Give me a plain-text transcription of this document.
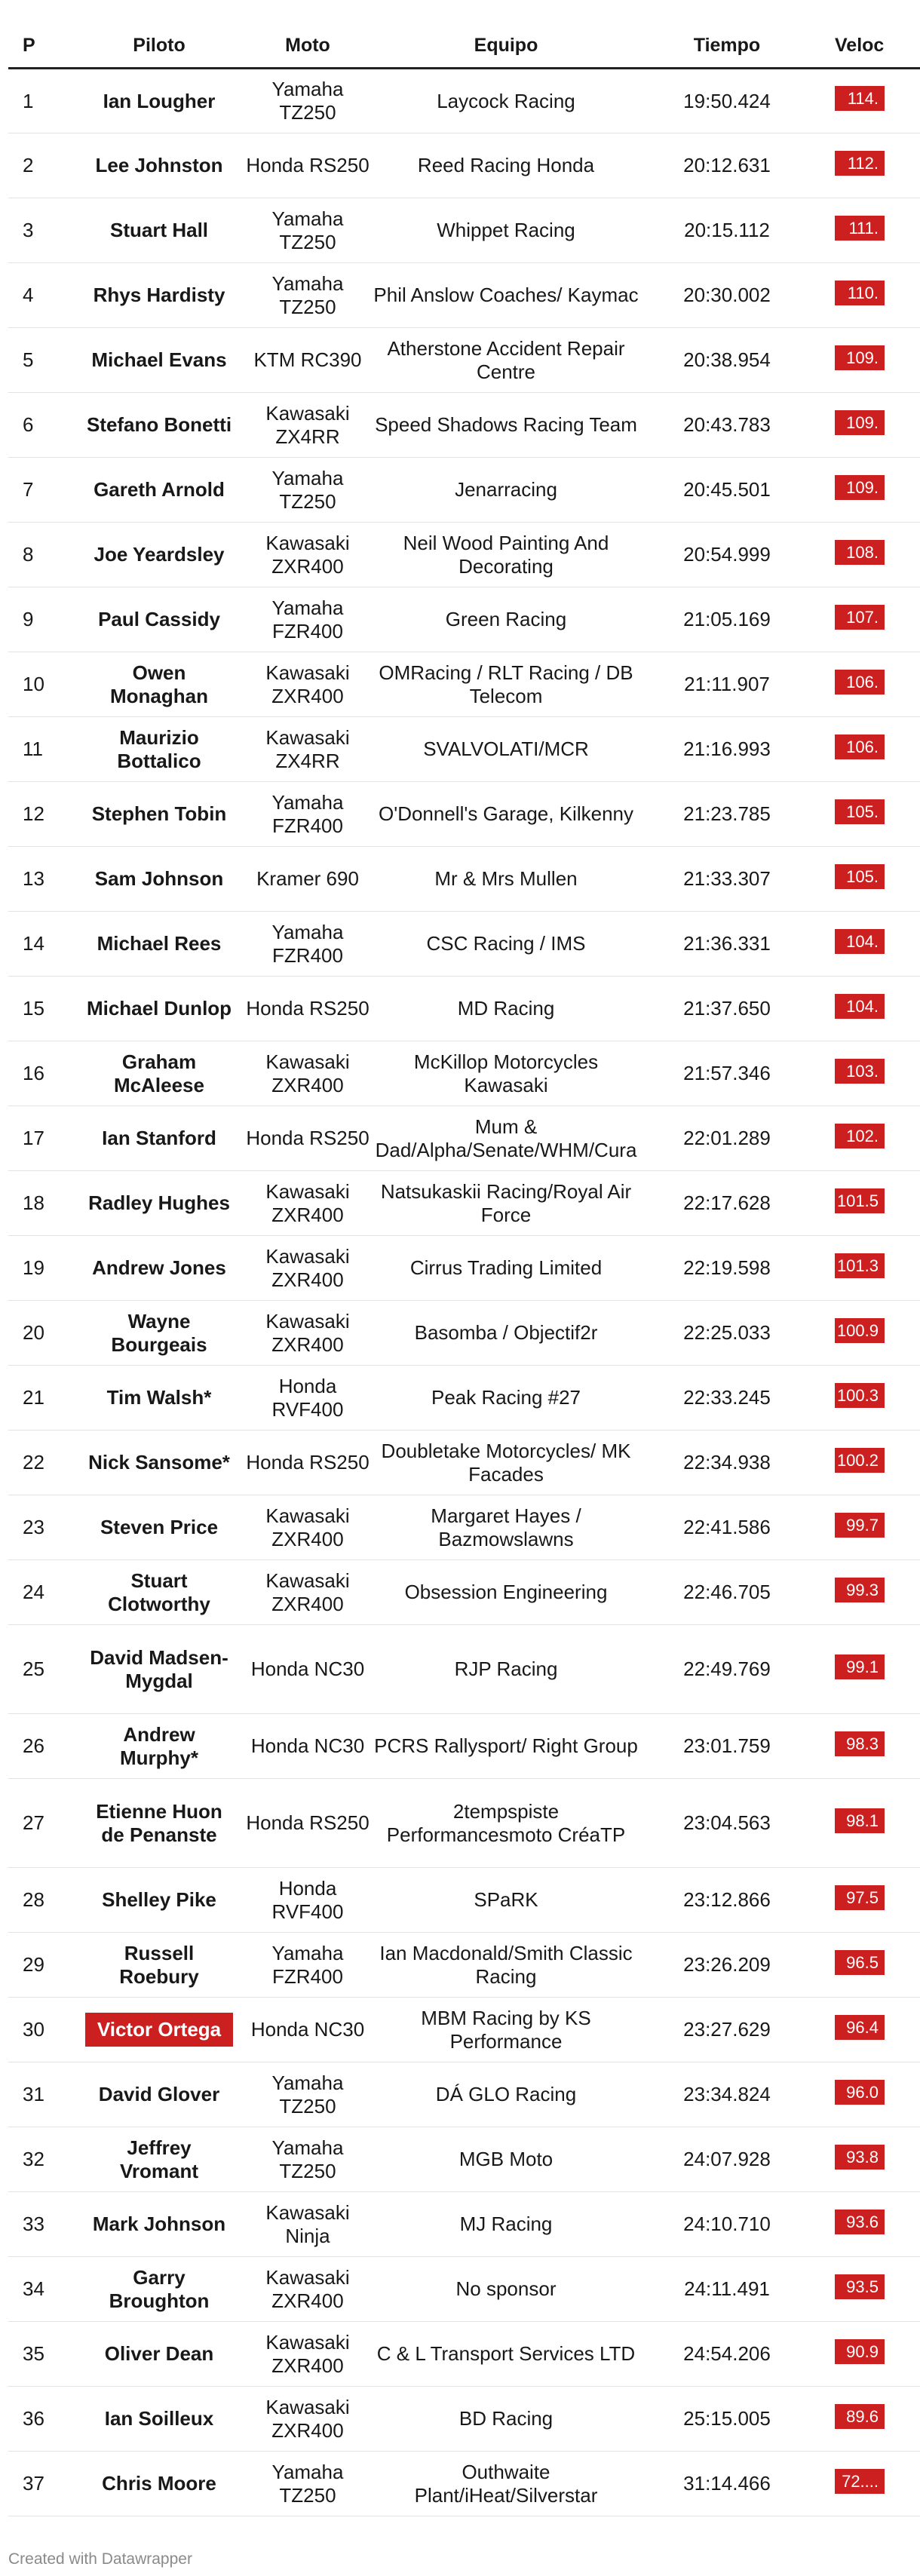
P	Piloto	Moto	Equipo	Tiempo	Veloc
1	Ian Lougher	Yamaha TZ250	Laycock Racing	19:50.424	114.
2	Lee Johnston	Honda RS250	Reed Racing Honda	20:12.631	112.
3	Stuart Hall	Yamaha TZ250	Whippet Racing	20:15.112	111.
4	Rhys Hardisty	Yamaha TZ250	Phil Anslow Coaches/ Kaymac	20:30.002	110.
5	Michael Evans	KTM RC390	Atherstone Accident Repair Centre	20:38.954	109.
6	Stefano Bonetti	Kawasaki ZX4RR	Speed Shadows Racing Team	20:43.783	109.
7	Gareth Arnold	Yamaha TZ250	Jenarracing	20:45.501	109.
8	Joe Yeardsley	Kawasaki ZXR400	Neil Wood Painting And Decorating	20:54.999	108.
9	Paul Cassidy	Yamaha FZR400	Green Racing	21:05.169	107.
10	Owen Monaghan	Kawasaki ZXR400	OMRacing / RLT Racing / DB Telecom	21:11.907	106.
11	Maurizio Bottalico	Kawasaki ZX4RR	SVALVOLATI/MCR	21:16.993	106.
12	Stephen Tobin	Yamaha FZR400	O'Donnell's Garage, Kilkenny	21:23.785	105.
13	Sam Johnson	Kramer 690	Mr & Mrs Mullen	21:33.307	105.
14	Michael Rees	Yamaha FZR400	CSC Racing / IMS	21:36.331	104.
15	Michael Dunlop	Honda RS250	MD Racing	21:37.650	104.
16	Graham McAleese	Kawasaki ZXR400	McKillop Motorcycles Kawasaki	21:57.346	103.
17	Ian Stanford	Honda RS250	Mum & Dad/Alpha/Senate/WHM/Cura	22:01.289	102.
18	Radley Hughes	Kawasaki ZXR400	Natsukaskii Racing/Royal Air Force	22:17.628	101.5
19	Andrew Jones	Kawasaki ZXR400	Cirrus Trading Limited	22:19.598	101.3
20	Wayne Bourgeais	Kawasaki ZXR400	Basomba / Objectif2r	22:25.033	100.9
21	Tim Walsh*	Honda RVF400	Peak Racing #27	22:33.245	100.3
22	Nick Sansome*	Honda RS250	Doubletake Motorcycles/ MK Facades	22:34.938	100.2
23	Steven Price	Kawasaki ZXR400	Margaret Hayes / Bazmowslawns	22:41.586	99.7
24	Stuart Clotworthy	Kawasaki ZXR400	Obsession Engineering	22:46.705	99.3
25	David Madsen-Mygdal	Honda NC30	RJP Racing	22:49.769	99.1
26	Andrew Murphy*	Honda NC30	PCRS Rallysport/ Right Group	23:01.759	98.3
27	Etienne Huon de Penanste	Honda RS250	2tempspiste Performancesmoto CréaTP	23:04.563	98.1
28	Shelley Pike	Honda RVF400	SPaRK	23:12.866	97.5
29	Russell Roebury	Yamaha FZR400	Ian Macdonald/Smith Classic Racing	23:26.209	96.5
30	Victor Ortega	Honda NC30	MBM Racing by KS Performance	23:27.629	96.4
31	David Glover	Yamaha TZ250	DÁ GLO Racing	23:34.824	96.0
32	Jeffrey Vromant	Yamaha TZ250	MGB Moto	24:07.928	93.8
33	Mark Johnson	Kawasaki Ninja	MJ Racing	24:10.710	93.6
34	Garry Broughton	Kawasaki ZXR400	No sponsor	24:11.491	93.5
35	Oliver Dean	Kawasaki ZXR400	C & L Transport Services LTD	24:54.206	90.9
36	Ian Soilleux	Kawasaki ZXR400	BD Racing	25:15.005	89.6
37	Chris Moore	Yamaha TZ250	Outhwaite Plant/iHeat/Silverstar	31:14.466	72....
Created with Datawrapper
